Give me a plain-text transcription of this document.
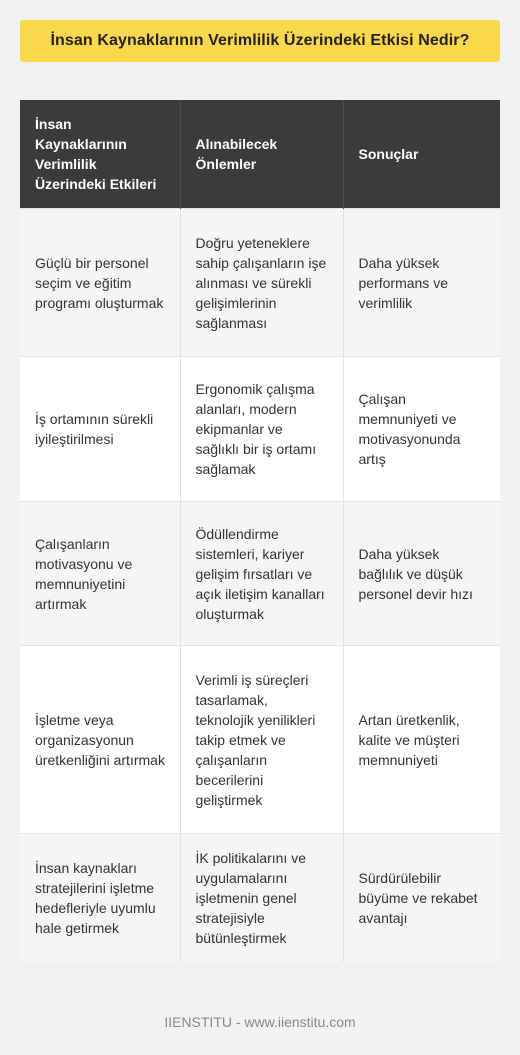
İnsan Kaynaklarının Verimlilik Üzerindeki Etkisi Nedir?
İnsan Kaynaklarının Verimlilik Üzerindeki Etkileri	Alınabilecek Önlemler	Sonuçlar
Güçlü bir personel seçim ve eğitim programı oluşturmak	Doğru yeteneklere sahip çalışanların işe alınması ve sürekli gelişimlerinin sağlanması	Daha yüksek performans ve verimlilik
İş ortamının sürekli iyileştirilmesi	Ergonomik çalışma alanları, modern ekipmanlar ve sağlıklı bir iş ortamı sağlamak	Çalışan memnuniyeti ve motivasyonunda artış
Çalışanların motivasyonu ve memnuniyetini artırmak	Ödüllendirme sistemleri, kariyer gelişim fırsatları ve açık iletişim kanalları oluşturmak	Daha yüksek bağlılık ve düşük personel devir hızı
İşletme veya organizasyonun üretkenliğini artırmak	Verimli iş süreçleri tasarlamak, teknolojik yenilikleri takip etmek ve çalışanların becerilerini geliştirmek	Artan üretkenlik, kalite ve müşteri memnuniyeti
İnsan kaynakları stratejilerini işletme hedefleriyle uyumlu hale getirmek	İK politikalarını ve uygulamalarını işletmenin genel stratejisiyle bütünleştirmek	Sürdürülebilir büyüme ve rekabet avantajı
IIENSTITU - www.iienstitu.com
